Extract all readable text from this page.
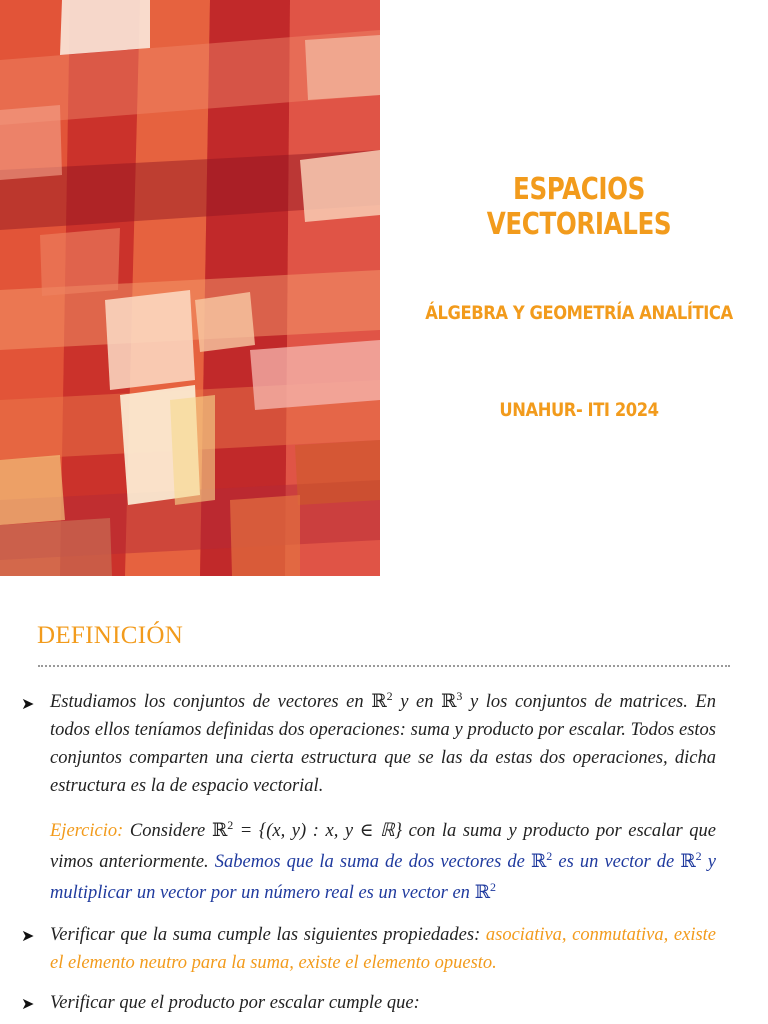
ESPACIOS VECTORIALES
ÁLGEBRA Y GEOMETRÍA ANALÍTICA
UNAHUR- ITI 2024
DEFINICIÓN
➤ Estudiamos los conjuntos de vectores en ℝ$^2$ y en ℝ$^3$ y los conjuntos de matrices. En todos ellos teníamos definidas dos operaciones: suma y producto por escalar. Todos estos conjuntos comparten una cierta estructura que se las da estas dos operaciones, dicha estructura es la de espacio vectorial.
Ejercicio: Considere ℝ$^2$ = {(x, y) : x, y ∈ ℝ} con la suma y producto por escalar que vimos anteriormente. Sabemos que la suma de dos vectores de ℝ$^2$ es un vector de ℝ$^2$ y multiplicar un vector por un número real es un vector en ℝ$^2$
➤ Verificar que la suma cumple las siguientes propiedades: asociativa, conmutativa, existe el elemento neutro para la suma, existe el elemento opuesto.
➤ Verificar que el producto por escalar cumple que:
